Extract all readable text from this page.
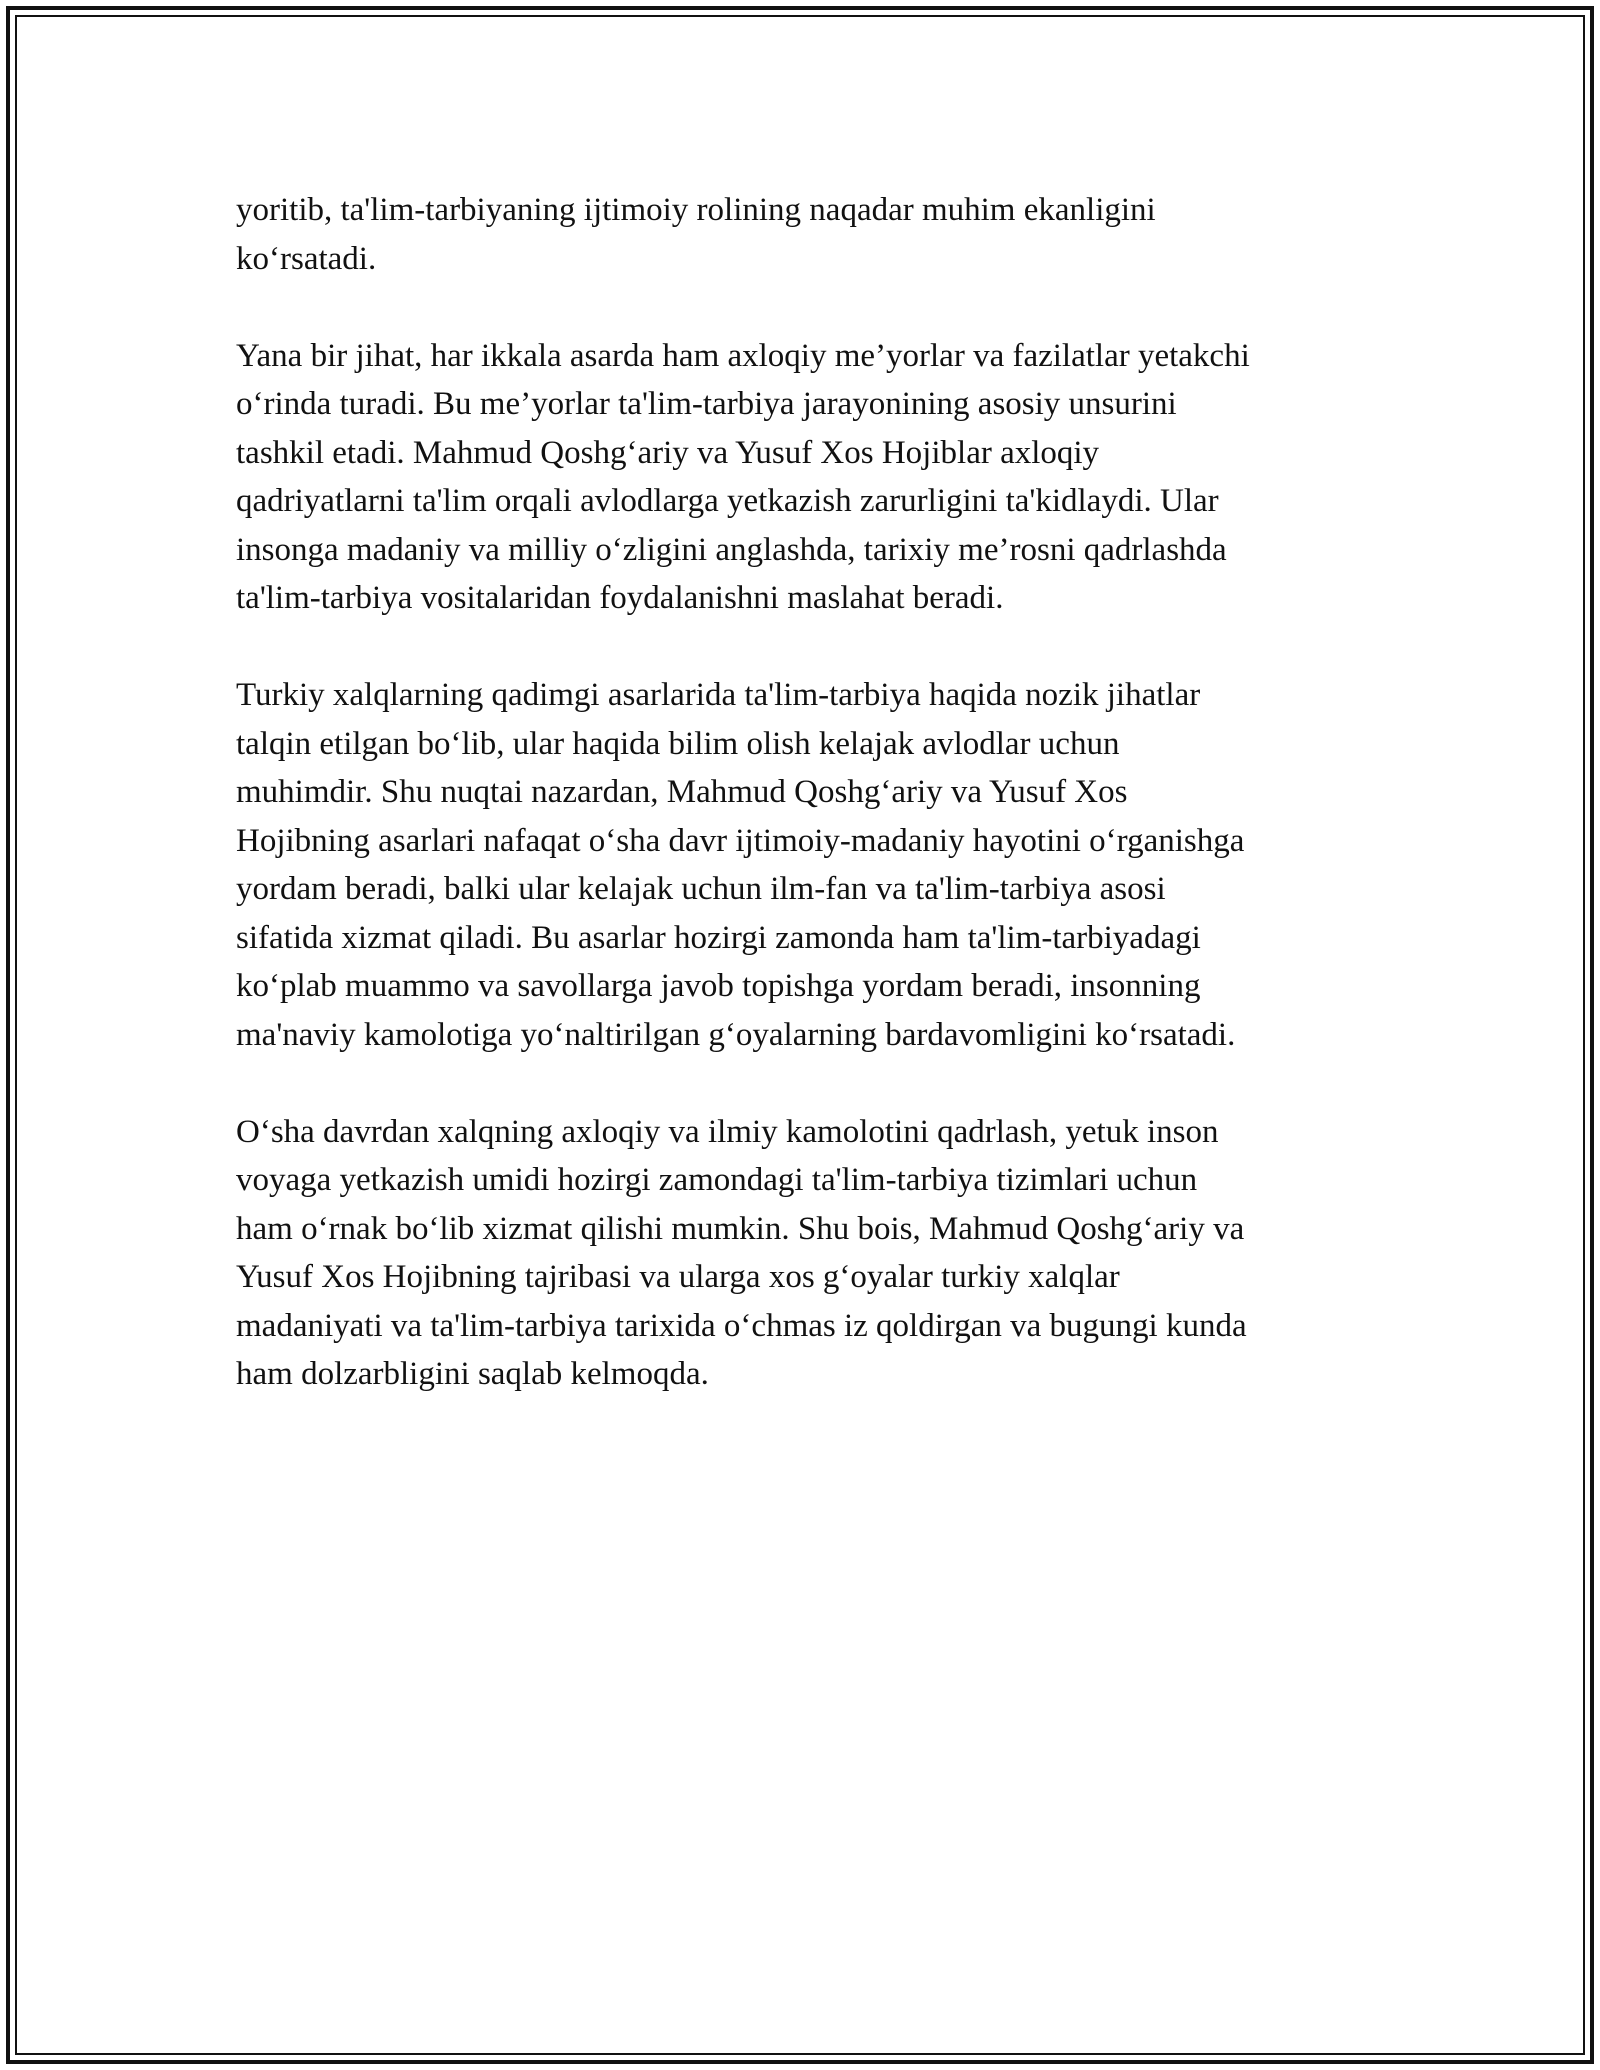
yoritib, ta'lim-tarbiyaning ijtimoiy rolining naqadar muhim ekanligini
ko‘rsatadi.

Yana bir jihat, har ikkala asarda ham axloqiy me’yorlar va fazilatlar yetakchi
o‘rinda turadi. Bu me’yorlar ta'lim-tarbiya jarayonining asosiy unsurini
tashkil etadi. Mahmud Qoshg‘ariy va Yusuf Xos Hojiblar axloqiy
qadriyatlarni ta'lim orqali avlodlarga yetkazish zarurligini ta'kidlaydi. Ular
insonga madaniy va milliy o‘zligini anglashda, tarixiy me’rosni qadrlashda
ta'lim-tarbiya vositalaridan foydalanishni maslahat beradi.

Turkiy xalqlarning qadimgi asarlarida ta'lim-tarbiya haqida nozik jihatlar
talqin etilgan bo‘lib, ular haqida bilim olish kelajak avlodlar uchun
muhimdir. Shu nuqtai nazardan, Mahmud Qoshg‘ariy va Yusuf Xos
Hojibning asarlari nafaqat o‘sha davr ijtimoiy-madaniy hayotini o‘rganishga
yordam beradi, balki ular kelajak uchun ilm-fan va ta'lim-tarbiya asosi
sifatida xizmat qiladi. Bu asarlar hozirgi zamonda ham ta'lim-tarbiyadagi
ko‘plab muammo va savollarga javob topishga yordam beradi, insonning
ma'naviy kamolotiga yo‘naltirilgan g‘oyalarning bardavomligini ko‘rsatadi.

O‘sha davrdan xalqning axloqiy va ilmiy kamolotini qadrlash, yetuk inson
voyaga yetkazish umidi hozirgi zamondagi ta'lim-tarbiya tizimlari uchun
ham o‘rnak bo‘lib xizmat qilishi mumkin. Shu bois, Mahmud Qoshg‘ariy va
Yusuf Xos Hojibning tajribasi va ularga xos g‘oyalar turkiy xalqlar
madaniyati va ta'lim-tarbiya tarixida o‘chmas iz qoldirgan va bugungi kunda
ham dolzarbligini saqlab kelmoqda.
